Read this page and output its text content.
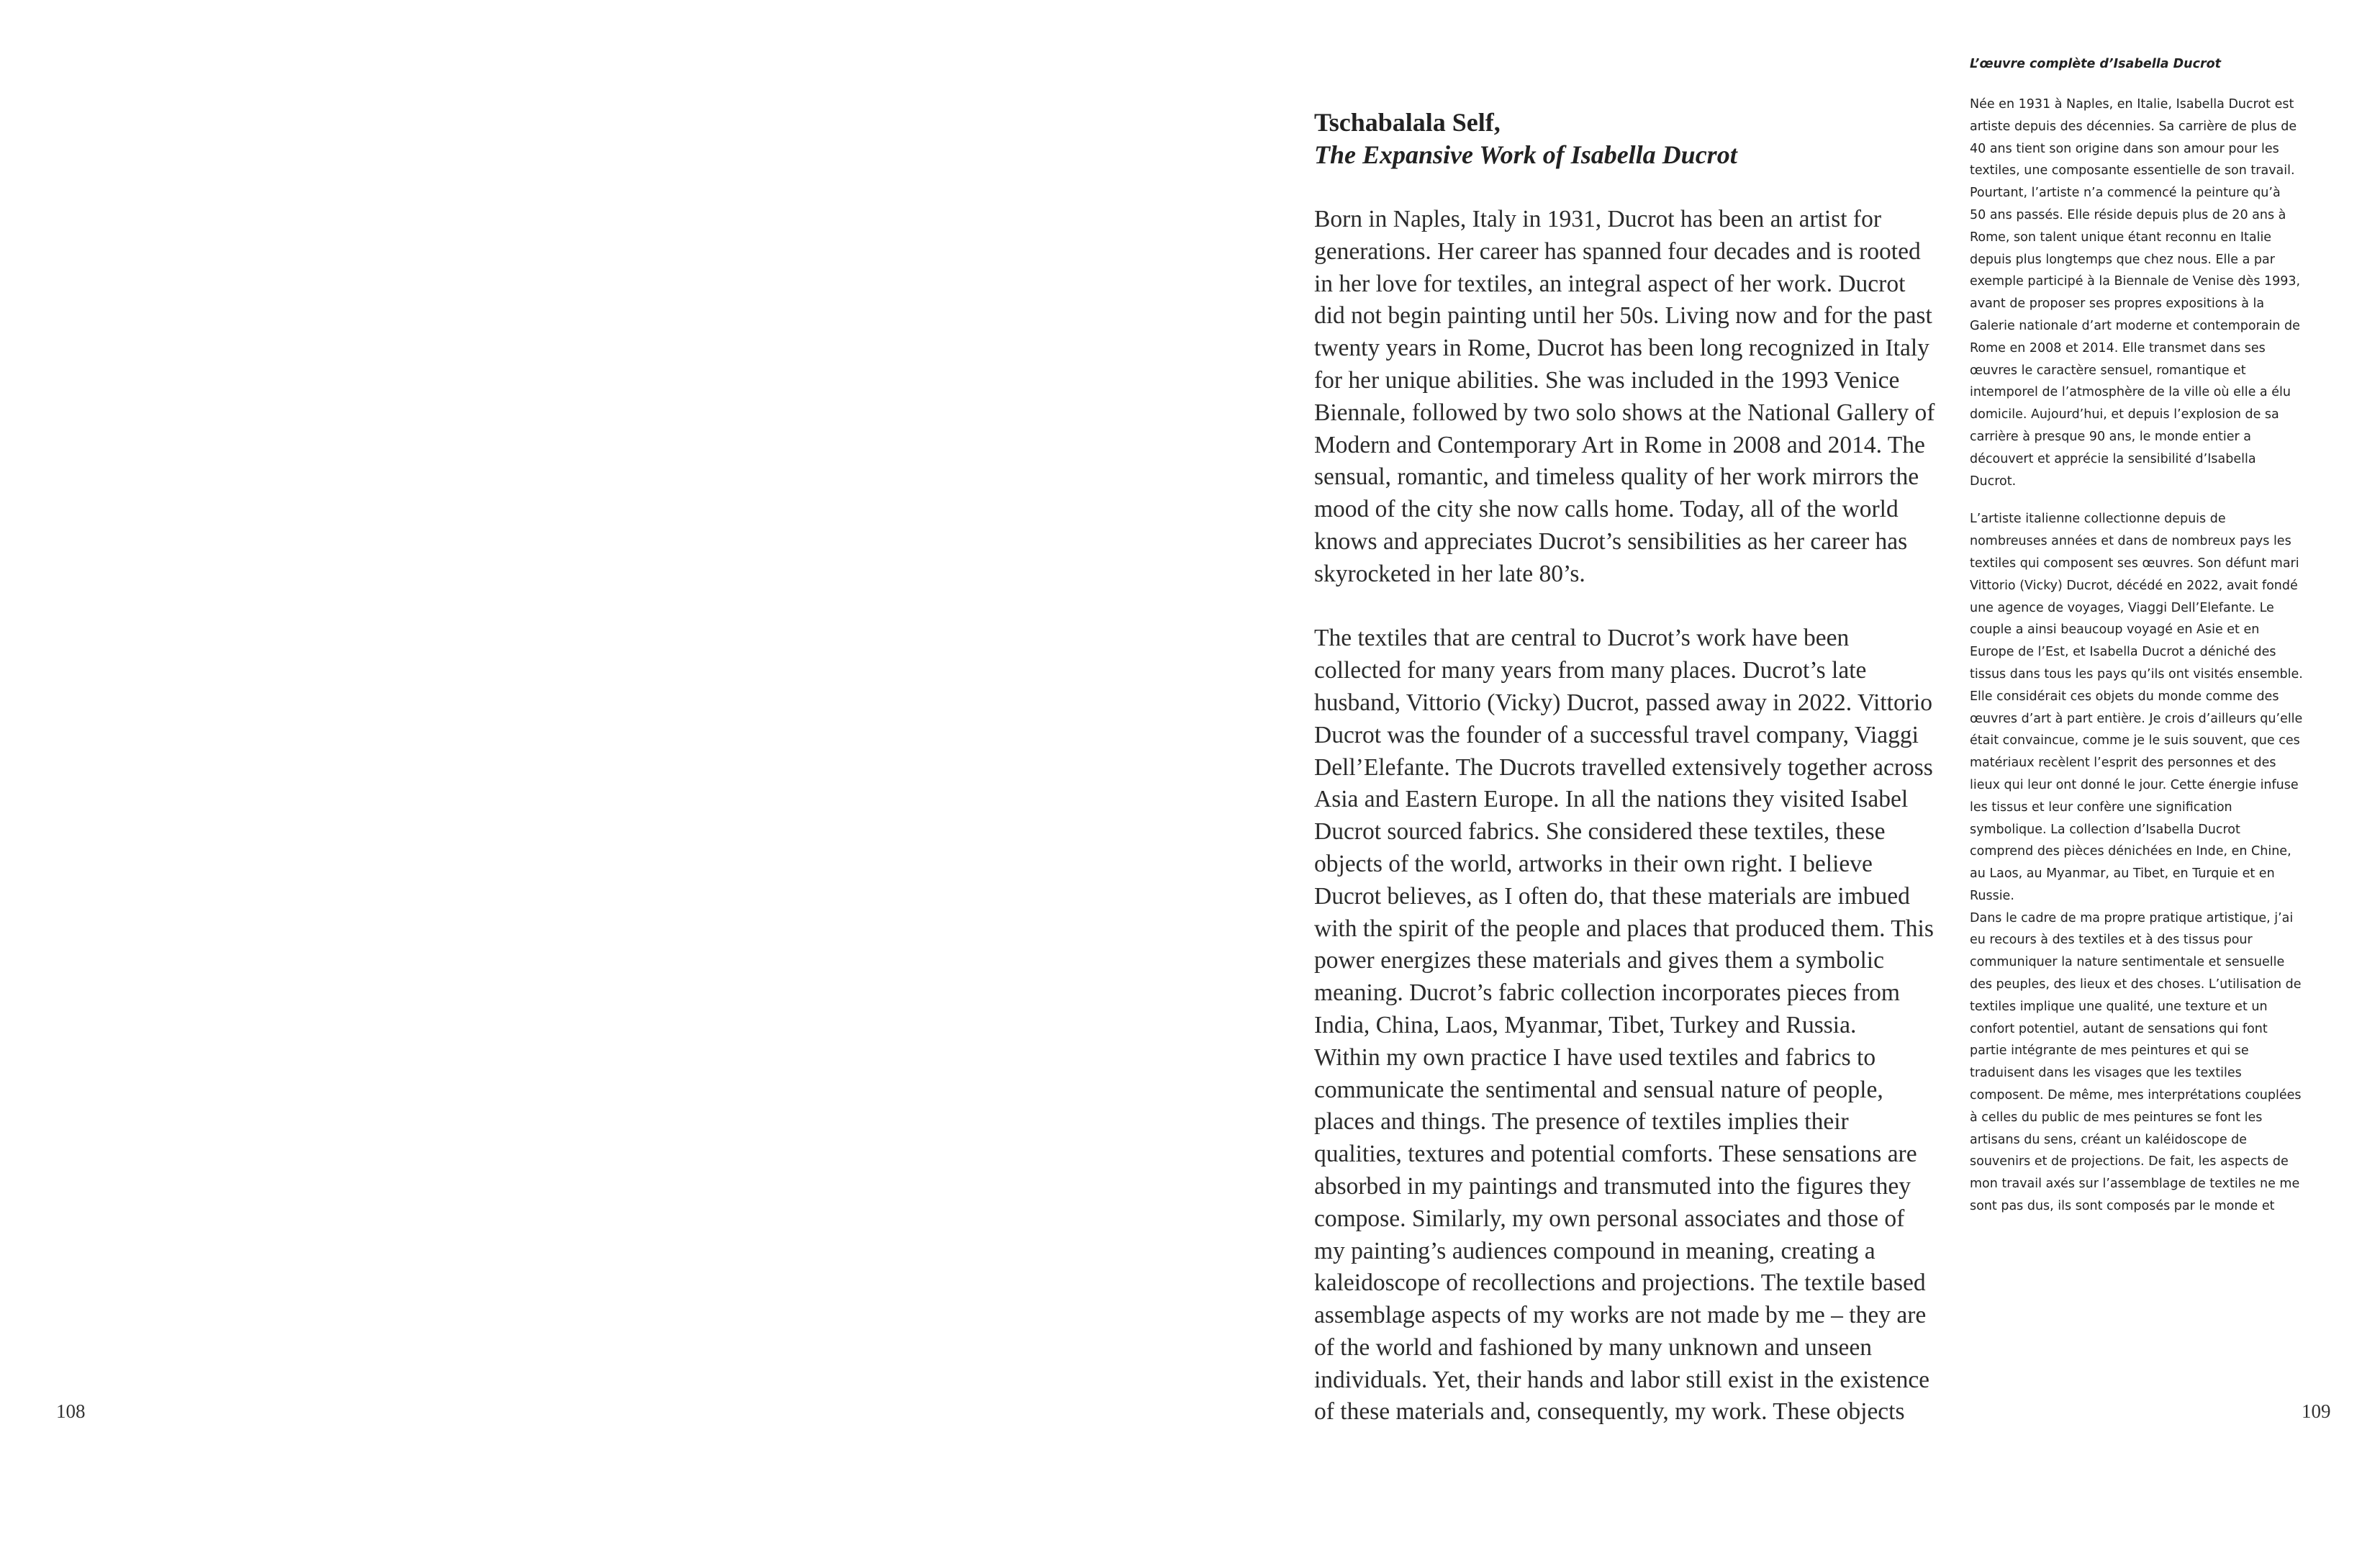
108
Tschabalala Self,
The Expansive Work of Isabella Ducrot

Born in Naples, Italy in 1931, Ducrot has been an artist for
generations. Her career has spanned four decades and is rooted
in her love for textiles, an integral aspect of her work. Ducrot
did not begin painting until her 50s. Living now and for the past
twenty years in Rome, Ducrot has been long recognized in Italy
for her unique abilities. She was included in the 1993 Venice
Biennale, followed by two solo shows at the National Gallery of
Modern and Contemporary Art in Rome in 2008 and 2014. The
sensual, romantic, and timeless quality of her work mirrors the
mood of the city she now calls home. Today, all of the world
knows and appreciates Ducrot’s sensibilities as her career has
skyrocketed in her late 80’s.

The textiles that are central to Ducrot’s work have been
collected for many years from many places. Ducrot’s late
husband, Vittorio (Vicky) Ducrot, passed away in 2022. Vittorio
Ducrot was the founder of a successful travel company, Viaggi
Dell’Elefante. The Ducrots travelled extensively together across
Asia and Eastern Europe. In all the nations they visited Isabel
Ducrot sourced fabrics. She considered these textiles, these
objects of the world, artworks in their own right. I believe
Ducrot believes, as I often do, that these materials are imbued
with the spirit of the people and places that produced them. This
power energizes these materials and gives them a symbolic
meaning. Ducrot’s fabric collection incorporates pieces from
India, China, Laos, Myanmar, Tibet, Turkey and Russia.

Within my own practice I have used textiles and fabrics to
communicate the sentimental and sensual nature of people,
places and things. The presence of textiles implies their
qualities, textures and potential comforts. These sensations are
absorbed in my paintings and transmuted into the figures they
compose. Similarly, my own personal associates and those of
my painting’s audiences compound in meaning, creating a
kaleidoscope of recollections and projections. The textile based
assemblage aspects of my works are not made by me – they are
of the world and fashioned by many unknown and unseen
individuals. Yet, their hands and labor still exist in the existence
of these materials and, consequently, my work. These objects

L’œuvre complète d’Isabella Ducrot

Née en 1931 à Naples, en Italie, Isabella Ducrot est
artiste depuis des décennies. Sa carrière de plus de
40 ans tient son origine dans son amour pour les
textiles, une composante essentielle de son travail.
Pourtant, l’artiste n’a commencé la peinture qu’à
50 ans passés. Elle réside depuis plus de 20 ans à
Rome, son talent unique étant reconnu en Italie
depuis plus longtemps que chez nous. Elle a par
exemple participé à la Biennale de Venise dès 1993,
avant de proposer ses propres expositions à la
Galerie nationale d’art moderne et contemporain de
Rome en 2008 et 2014. Elle transmet dans ses
œuvres le caractère sensuel, romantique et
intemporel de l’atmosphère de la ville où elle a élu
domicile. Aujourd’hui, et depuis l’explosion de sa
carrière à presque 90 ans, le monde entier a
découvert et apprécie la sensibilité d’Isabella
Ducrot.

L’artiste italienne collectionne depuis de
nombreuses années et dans de nombreux pays les
textiles qui composent ses œuvres. Son défunt mari
Vittorio (Vicky) Ducrot, décédé en 2022, avait fondé
une agence de voyages, Viaggi Dell’Elefante. Le
couple a ainsi beaucoup voyagé en Asie et en
Europe de l’Est, et Isabella Ducrot a déniché des
tissus dans tous les pays qu’ils ont visités ensemble.
Elle considérait ces objets du monde comme des
œuvres d’art à part entière. Je crois d’ailleurs qu’elle
était convaincue, comme je le suis souvent, que ces
matériaux recèlent l’esprit des personnes et des
lieux qui leur ont donné le jour. Cette énergie infuse
les tissus et leur confère une signification
symbolique. La collection d’Isabella Ducrot
comprend des pièces dénichées en Inde, en Chine,
au Laos, au Myanmar, au Tibet, en Turquie et en
Russie.

Dans le cadre de ma propre pratique artistique, j’ai
eu recours à des textiles et à des tissus pour
communiquer la nature sentimentale et sensuelle
des peuples, des lieux et des choses. L’utilisation de
textiles implique une qualité, une texture et un
confort potentiel, autant de sensations qui font
partie intégrante de mes peintures et qui se
traduisent dans les visages que les textiles
composent. De même, mes interprétations couplées
à celles du public de mes peintures se font les
artisans du sens, créant un kaléidoscope de
souvenirs et de projections. De fait, les aspects de
mon travail axés sur l’assemblage de textiles ne me
sont pas dus, ils sont composés par le monde et

109
